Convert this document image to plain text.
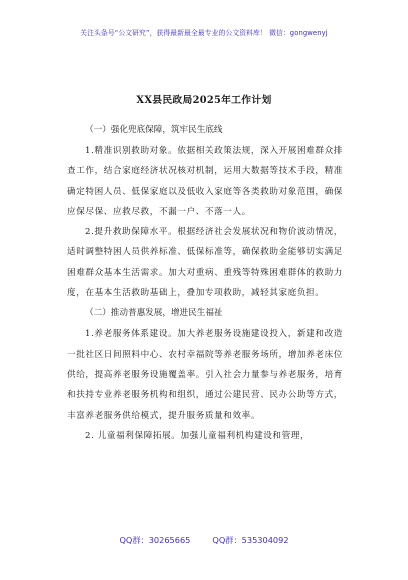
关注头条号“公文研究”，获得最新最全最专业的公文资料库！ 微信：gongwenyj
XX县民政局2025年工作计划
（一）强化兜底保障，筑牢民生底线
1.精准识别救助对象。依据相关政策法规，深入开展困难群众排查工作，结合家庭经济状况核对机制，运用大数据等技术手段，精准确定特困人员、低保家庭以及低收入家庭等各类救助对象范围，确保应保尽保、应救尽救，不漏一户、不落一人。
2.提升救助保障水平。根据经济社会发展状况和物价波动情况，适时调整特困人员供养标准、低保标准等，确保救助金能够切实满足困难群众基本生活需求。加大对重病、重残等特殊困难群体的救助力度，在基本生活救助基础上，叠加专项救助，减轻其家庭负担。
（二）推动普惠发展，增进民生福祉
1.养老服务体系建设。加大养老服务设施建设投入，新建和改造一批社区日间照料中心、农村幸福院等养老服务场所，增加养老床位供给，提高养老服务设施覆盖率。引入社会力量参与养老服务，培育和扶持专业养老服务机构和组织，通过公建民营、民办公助等方式，丰富养老服务供给模式，提升服务质量和效率。
2. 儿童福利保障拓展。加强儿童福利机构建设和管理，
QQ群：30265665	QQ群：535304092
